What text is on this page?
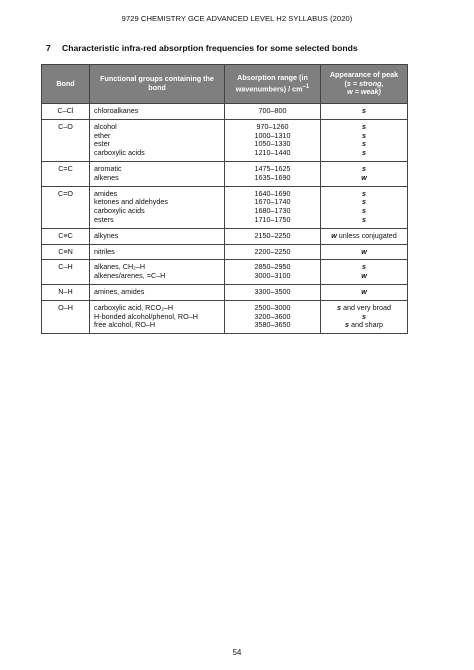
9729 CHEMISTRY GCE ADVANCED LEVEL H2 SYLLABUS (2020)
7 Characteristic infra-red absorption frequencies for some selected bonds
Bond	Functional groups containing the bond	Absorption range (in wavenumbers) / $cm^{-1}$	Appearance of peak
(s = strong,
w = weak)

C–Cl	chloroalkanes	700–800	s

C–O	alcohol
ether
ester
carboxylic acids	970–1260
1000–1310
1050–1330
1210–1440	s
s
s
s

C=C	aromatic
alkenes	1475–1625
1635–1690	s
w

C=O	amides
ketones and aldehydes
carboxylic acids
esters	1640–1690
1670–1740
1680–1730
1710–1750	s
s
s
s

C≡C	alkynes	2150–2250	w unless conjugated

C≡N	nitriles	2200–2250	w

C–H	alkanes, CH₂–H
alkenes/arenes, =C–H	2850–2950
3000–3100	s
w

N–H	amines, amides	3300–3500	w

O–H	carboxylic acid, RCO₂–H
H-bonded alcohol/phenol, RO–H
free alcohol, RO–H	2500–3000
3200–3600
3580–3650	s and very broad
s
s and sharp
54
